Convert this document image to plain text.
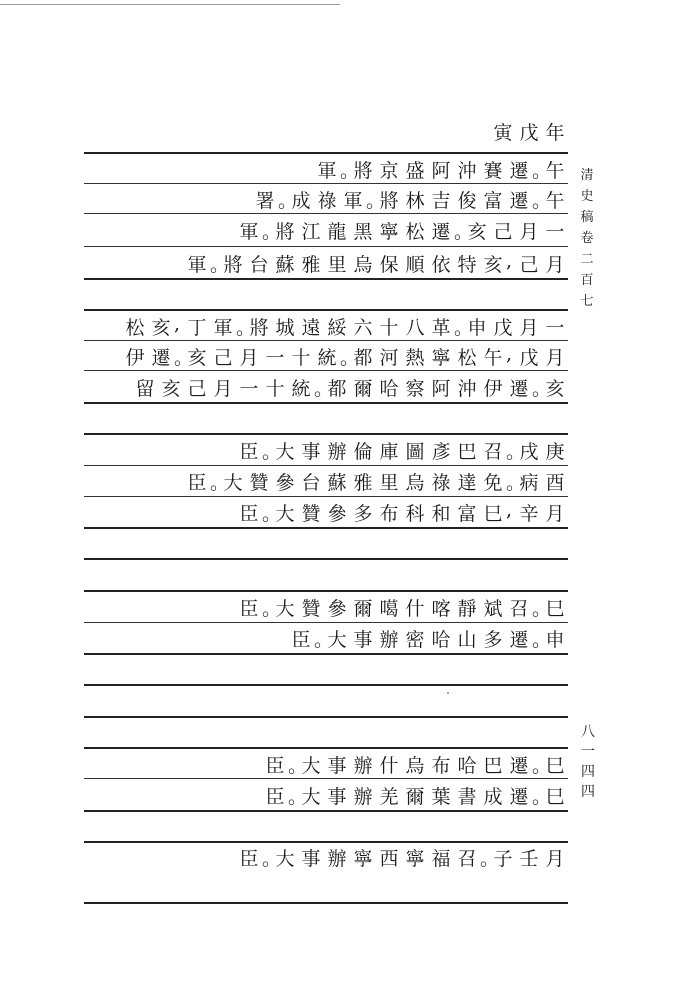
寅 戊 年
軍 。
將 京 盛 阿 沖 賽 遷 。
午
署 。
成 祿 軍 。
將 林 吉 俊 富 遷 。
午
軍 。
將 江 龍 黑 寧 松 遷 。
亥 己 月 一
軍 。
將 台 蘇 雅 里 烏 保 順 依 特 亥 , 己 月
松 亥 , 丁 軍 。
將 城 遠 綏 六 十 八 革 。
申 戊 月 一
伊 遷 。
亥 己 月 一 十 統 。
都 河 熱 寧 松 午 , 戊 月
留 亥 己 月 一 十 統 。
都 爾 哈 察 阿 沖 伊 遷 。
亥
臣 。
大 事 辦 倫 庫 圖 彥 巴 召 。
戌 庚
臣 。
大 贊 參 台 蘇 雅 里 烏 祿 達 免 。
病 酉
臣 。
大 贊 參 多 布 科 和 富 巳 , 辛 月
臣 。
大 贊 參 爾 噶 什 喀 靜 斌 召 。
巳
臣 。
大 事 辦 密 哈 山 多 遷 。
申
臣 。
大 事 辦 什 烏 布 哈 巴 遷 。
巳
臣 。
大 事 辦 羌 爾 葉 書 成 遷 。
巳
臣 。
大 事 辦 寧 西 寧 福 召 。
子 壬 月
清史稿卷二百七
八一四四
